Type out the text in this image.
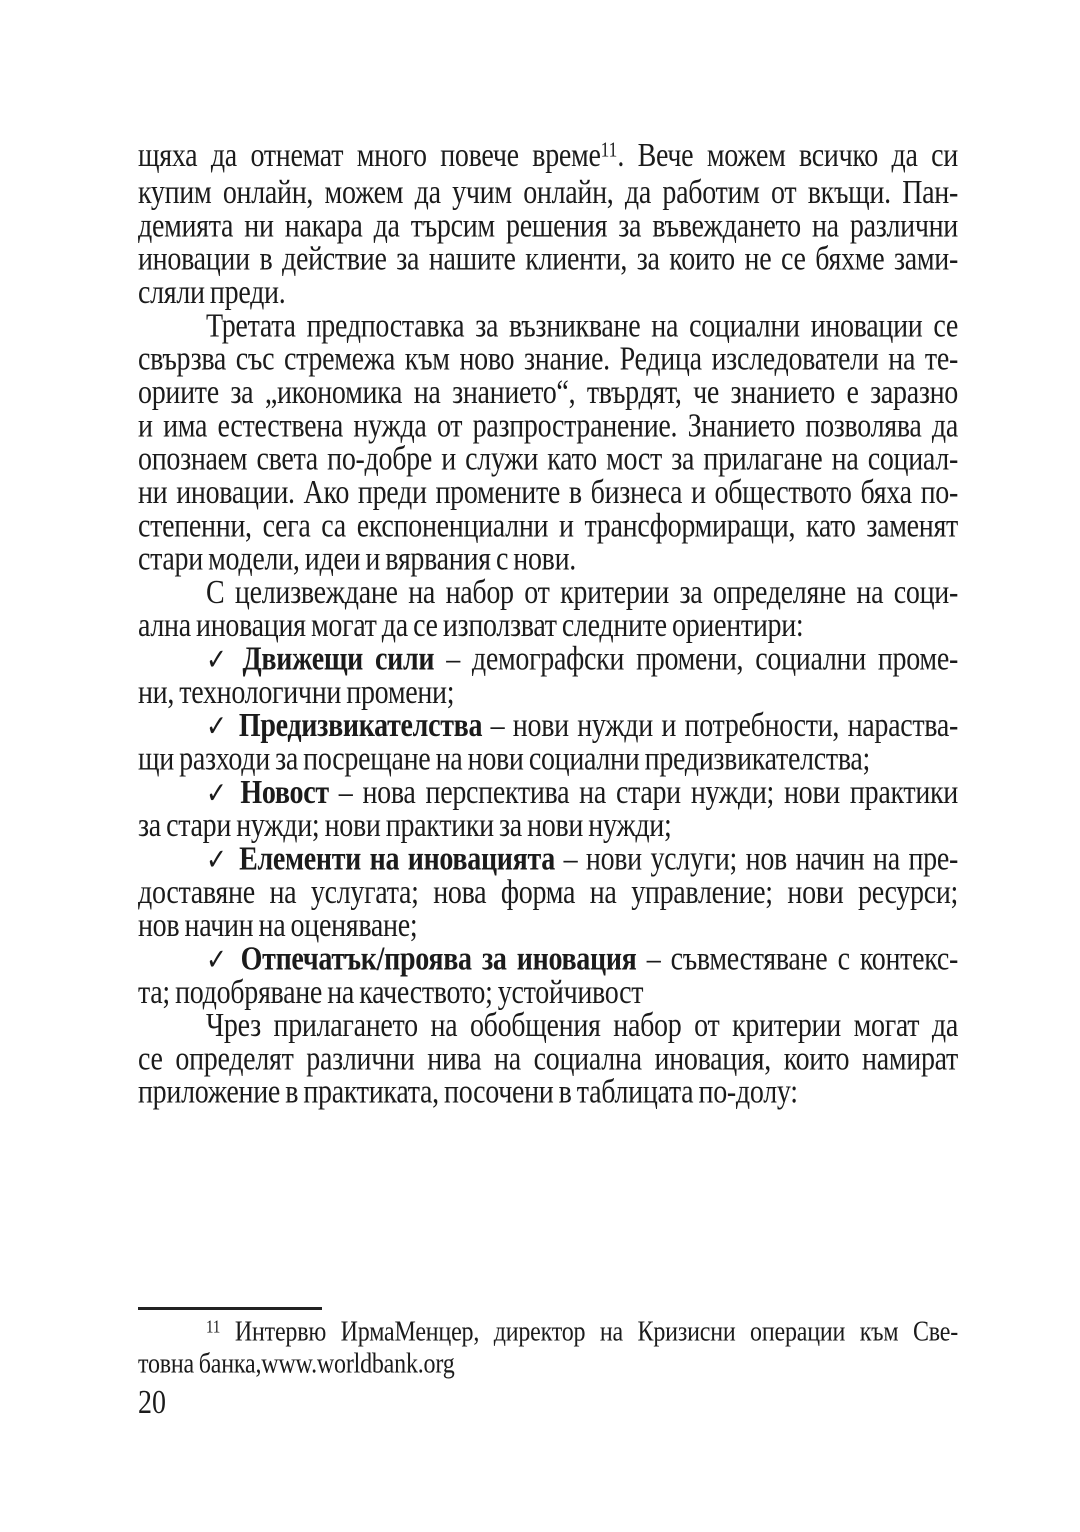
щяха да отнемат много повече време$^{11}$. Вече можем всичко да си
купим онлайн, можем да учим онлайн, да работим от вкъщи. Пан-
демията ни накара да търсим решения за въвеждането на различни
иновации в действие за нашите клиенти, за които не се бяхме зами-
сляли преди.
Третата предпоставка за възникване на социални иновации се
свързва със стремежа към ново знание. Редица изследователи на те-
ориите за „икономика на знанието“, твърдят, че знанието е заразно
и има естествена нужда от разпространение. Знанието позволява да
опознаем света по-добре и служи като мост за прилагане на социал-
ни иновации. Ако преди промените в бизнеса и обществото бяха по-
степенни, сега са експоненциални и трансформиращи, като заменят
стари модели, идеи и вярвания с нови.
С целизвеждане на набор от критерии за определяне на соци-
ална иновация могат да се използват следните ориентири:
✓ Движещи сили – демографски промени, социални проме-
ни, технологични промени;
✓ Предизвикателства – нови нужди и потребности, нараства-
щи разходи за посрещане на нови социални предизвикателства;
✓ Новост – нова перспектива на стари нужди; нови практики
за стари нужди; нови практики за нови нужди;
✓ Елементи на иновацията – нови услуги; нов начин на пре-
доставяне на услугата; нова форма на управление; нови ресурси;
нов начин на оценяване;
✓ Отпечатък/проява за иновация – съвместяване с контекс-
та; подобряване на качеството; устойчивост
Чрез прилагането на обобщения набор от критерии могат да
се определят различни нива на социална иновация, които намират
приложение в практиката, посочени в таблицата по-долу:
$^{11}$ Интервю ИрмаМенцер, директор на Кризисни операции към Све-
товна банка,www.worldbank.org
20
